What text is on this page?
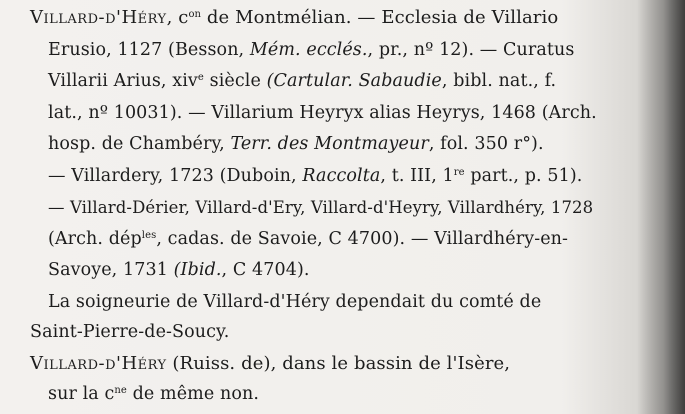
Villard-d'Héry, $c^{on}$ de Montmélian. — Ecclesia de Villario
Erusio, 1127 (Besson, Mém. ecclés., pr., nº 12). — Curatus
Villarii Arius, xiv$^e$ siècle (Cartular. Sabaudie, bibl. nat., f.
lat., nº 10031). — Villarium Heyryx alias Heyrys, 1468 (Arch.
hosp. de Chambéry, Terr. des Montmayeur, fol. 350 r°).
— Villardery, 1723 (Duboin, Raccolta, t. III, 1re part., p. 51).
— Villard-Dérier, Villard-d'Ery, Villard-d'Heyry, Villardhéry, 1728
(Arch. dép$^{les}$, cadas. de Savoie, C 4700). — Villardhéry-en-
Savoye, 1731 (Ibid., C 4704).
La soigneurie de Villard-d'Héry dependait du comté de
Saint-Pierre-de-Soucy.
Villard-d'Héry (Ruiss. de), dans le bassin de l'Isère,
sur la $c^{ne}$ de même non.
